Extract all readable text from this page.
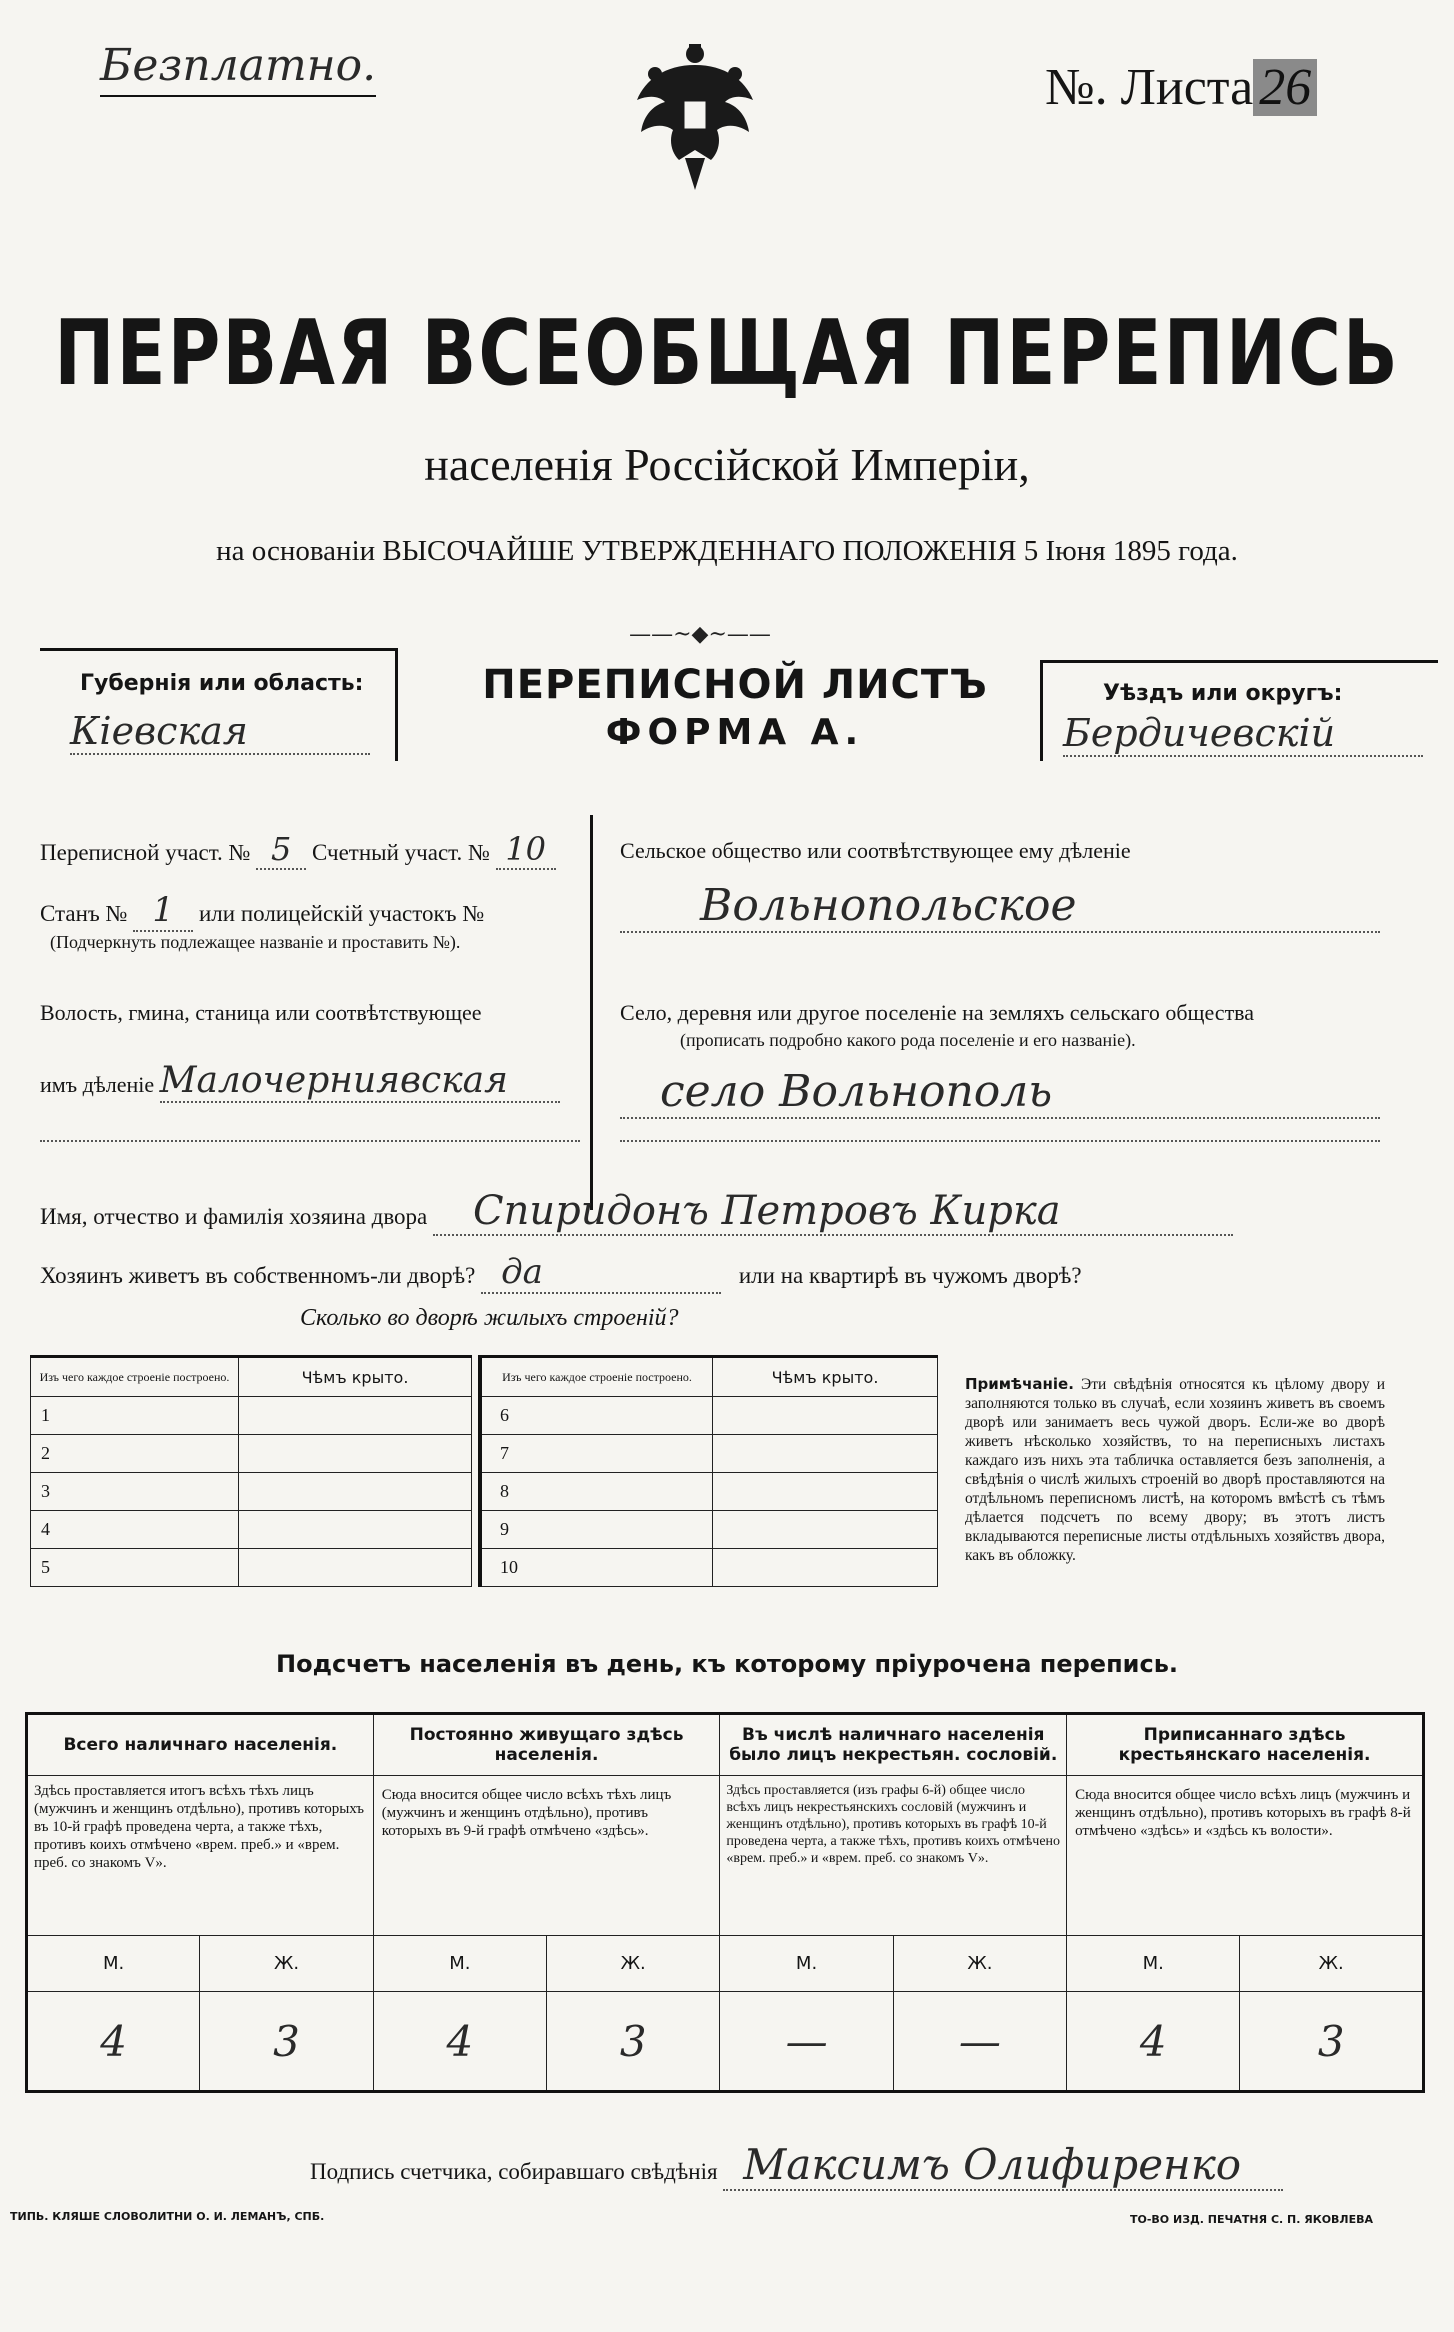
Безплатно.	№. Листа 26
ПЕРВАЯ ВСЕОБЩАЯ ПЕРЕПИСЬ
населенія Россійской Имперіи,
на основаніи ВЫСОЧАЙШЕ УТВЕРЖДЕННАГО ПОЛОЖЕНІЯ 5 Іюня 1895 года.
——~◆~——
Губернія или область:
Кіевская
ПЕРЕПИСНОЙ ЛИСТЪ
ФОРМА А.
Уѣздъ или округъ:
Бердичевскій
Переписной участ. № 5 Счетный участ. № 10
Станъ № 1 или полицейскій участокъ №
(Подчеркнуть подлежащее названіе и проставить №).
Волость, гмина, станица или соотвѣтствующее
имъ дѣленіе Малочерниявская
Сельское общество или соотвѣтствующее ему дѣленіе
Вольнопольское
Село, деревня или другое поселеніе на земляхъ сельскаго общества
(прописать подробно какого рода поселеніе и его названіе).
село Вольнополь
Имя, отчество и фамилія хозяина двора Спиридонъ Петровъ Кирка
Хозяинъ живетъ въ собственномъ-ли дворѣ? да	или на квартирѣ въ чужомъ дворѣ?
Сколько во дворѣ жилыхъ строеній?
Изъ чего каждое строеніе построено.	Чѣмъ крыто.
1	
2	
3	
4	
5	
Изъ чего каждое строеніе построено.	Чѣмъ крыто.
6	
7	
8	
9	
10	
Примѣчаніе. Эти свѣдѣнія относятся къ цѣлому двору и заполняются только въ случаѣ, если хозяинъ живетъ въ своемъ дворѣ или занимаетъ весь чужой дворъ. Если-же во дворѣ живетъ нѣсколько хозяйствъ, то на переписныхъ листахъ каждаго изъ нихъ эта табличка оставляется безъ заполненія, а свѣдѣнія о числѣ жилыхъ строеній во дворѣ проставляются на отдѣльномъ переписномъ листѣ, на которомъ вмѣстѣ съ тѣмъ дѣлается подсчетъ по всему двору; въ этотъ листъ вкладываются переписные листы отдѣльныхъ хозяйствъ двора, какъ въ обложку.
Подсчетъ населенія въ день, къ которому пріурочена перепись.
Всего наличнаго населенія.		Постоянно живущаго здѣсь населенія.		Въ числѣ наличнаго населенія было лицъ некрестьян. сословій.		Приписаннаго здѣсь крестьянскаго населенія.	
Здѣсь проставляется итогъ всѣхъ тѣхъ лицъ (мужчинъ и женщинъ отдѣльно), противъ которыхъ въ 10-й графѣ проведена черта, а также тѣхъ, противъ коихъ отмѣчено «врем. преб.» и «врем. преб. со знакомъ V».		Сюда вносится общее число всѣхъ тѣхъ лицъ (мужчинъ и женщинъ отдѣльно), противъ которыхъ въ 9-й графѣ отмѣчено «здѣсь».		Здѣсь проставляется (изъ графы 6-й) общее число всѣхъ лицъ некрестьянскихъ сословій (мужчинъ и женщинъ отдѣльно), противъ которыхъ въ графѣ 10-й проведена черта, а также тѣхъ, противъ коихъ отмѣчено «врем. преб.» и «врем. преб. со знакомъ V».		Сюда вносится общее число всѣхъ лицъ (мужчинъ и женщинъ отдѣльно), противъ которыхъ въ графѣ 8-й отмѣчено «здѣсь» и «здѣсь къ волости».	
М.	Ж.	М.	Ж.	М.	Ж.	М.	Ж.
4	3	4	3	—	—	4	3
Подпись счетчика, собиравшаго свѣдѣнія Максимъ Олифиренко
ТИПЬ. КЛЯШЕ СЛОВОЛИТНИ О. И. ЛЕМАНЪ, СПБ.	ТО-ВО ИЗД. ПЕЧАТНЯ С. П. ЯКОВЛЕВА
